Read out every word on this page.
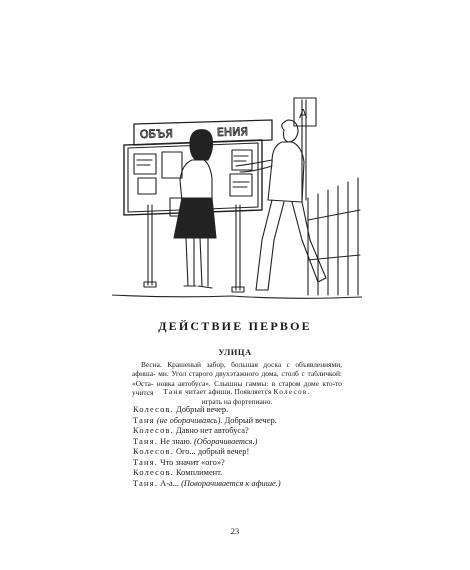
ОБЪЯ	ЕНИЯ
А
ДЕЙСТВИЕ ПЕРВОЕ
УЛИЦА
Весна. Крашеный забор, большая доска с объявлениями, афиша- ми. Угол старого двухэтажного дома, столб с табличкой: «Оста- новка автобуса». Слышны гаммы: в старом доме кто-то учится
играть на фортепиано.
Таня читает афиши. Появляется Колесов.
Колесов. Добрый вечер.
Таня (не оборачиваясь). Добрый вечер.
Колесов. Давно нет автобуса?
Таня. Не знаю. (Оборачивается.)
Колесов. Ого... добрый вечер!
Таня. Что значит «ого»?
Колесов. Комплимент.
Таня. А-а... (Поворачивается к афише.)
23
